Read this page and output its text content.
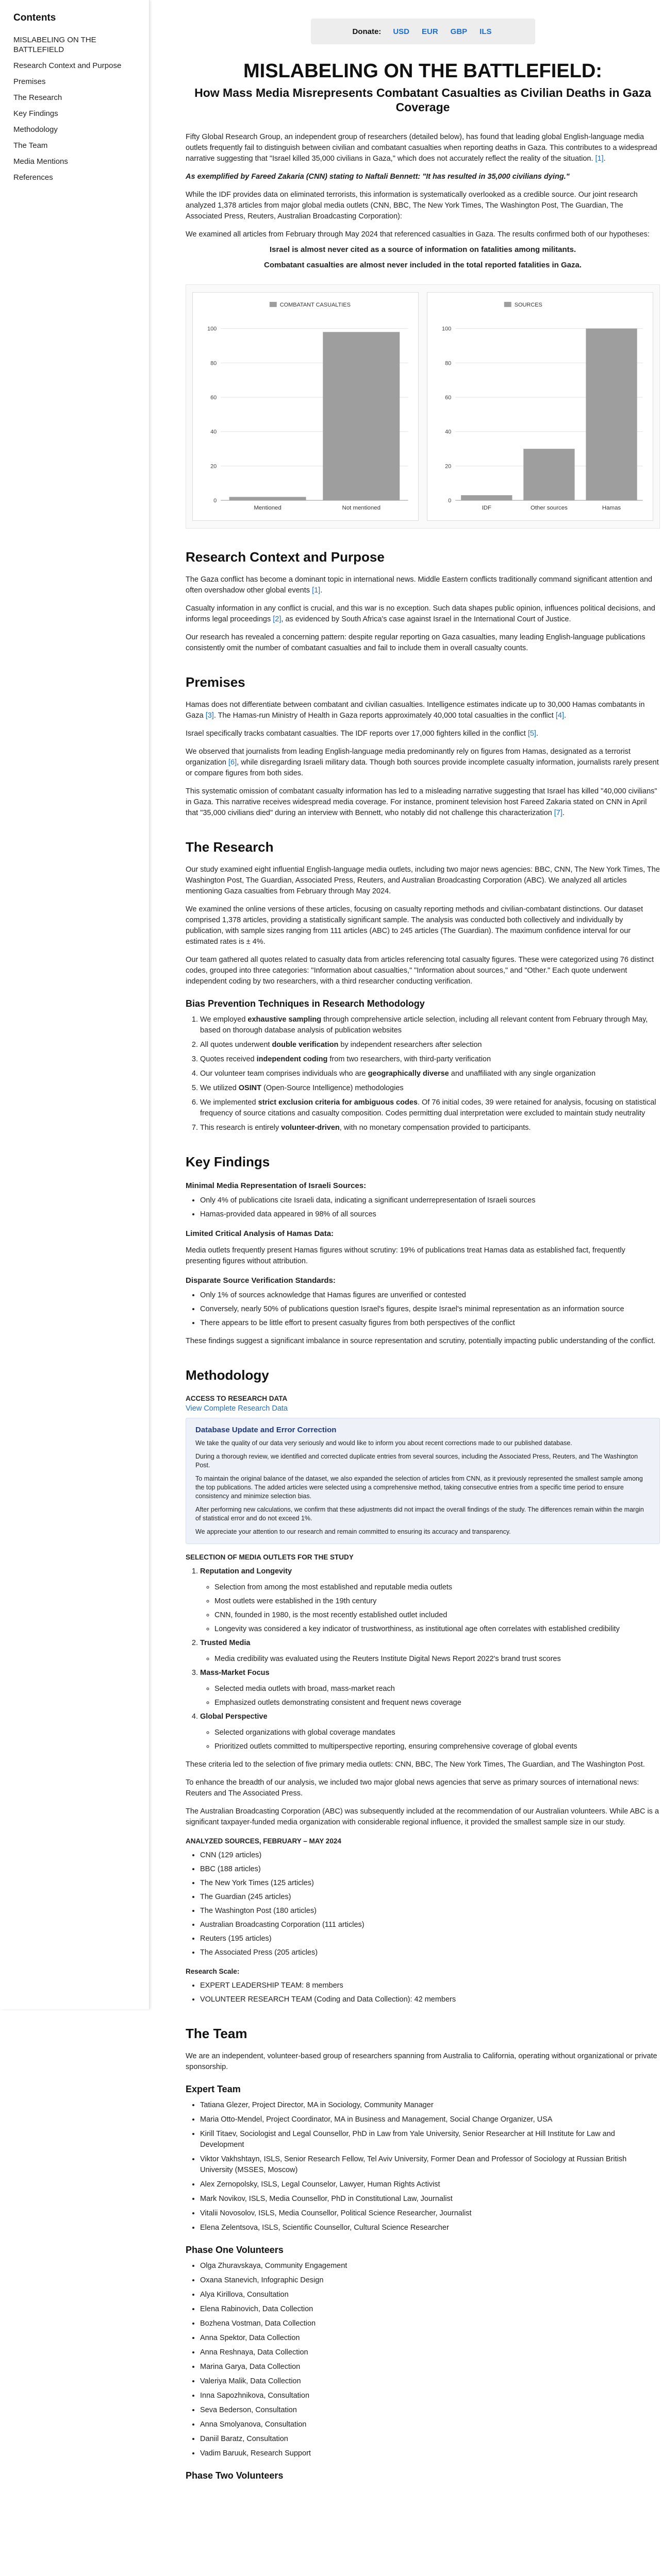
Contents
MISLABELING ON THE BATTLEFIELD
Research Context and Purpose
Premises
The Research
Key Findings
Methodology
The Team
Media Mentions
References
Donate: USD EUR GBP ILS
MISLABELING ON THE BATTLEFIELD:
How Mass Media Misrepresents Combatant Casualties as Civilian Deaths in Gaza Coverage

Fifty Global Research Group, an independent group of researchers (detailed below), has found that leading global English-language media outlets frequently fail to distinguish between civilian and combatant casualties when reporting deaths in Gaza. This contributes to a widespread narrative suggesting that "Israel killed 35,000 civilians in Gaza," which does not accurately reflect the reality of the situation. [1].

As exemplified by Fareed Zakaria (CNN) stating to Naftali Bennett: "It has resulted in 35,000 civilians dying."

While the IDF provides data on eliminated terrorists, this information is systematically overlooked as a credible source. Our joint research analyzed 1,378 articles from major global media outlets (CNN, BBC, The New York Times, The Washington Post, The Guardian, The Associated Press, Reuters, Australian Broadcasting Corporation):

We examined all articles from February through May 2024 that referenced casualties in Gaza. The results confirmed both of our hypotheses:

Israel is almost never cited as a source of information on fatalities among militants.
Combatant casualties are almost never included in the total reported fatalities in Gaza.
COMBATANT CASUALTIES
0
20
40
60
80
100
Mentioned	Not mentioned
SOURCES
0
20
40
60
80
100
IDF	Other sources	Hamas
Research Context and Purpose

The Gaza conflict has become a dominant topic in international news. Middle Eastern conflicts traditionally command significant attention and often overshadow other global events [1].

Casualty information in any conflict is crucial, and this war is no exception. Such data shapes public opinion, influences political decisions, and informs legal proceedings [2], as evidenced by South Africa's case against Israel in the International Court of Justice.

Our research has revealed a concerning pattern: despite regular reporting on Gaza casualties, many leading English-language publications consistently omit the number of combatant casualties and fail to include them in overall casualty counts.

Premises

Hamas does not differentiate between combatant and civilian casualties. Intelligence estimates indicate up to 30,000 Hamas combatants in Gaza [3]. The Hamas-run Ministry of Health in Gaza reports approximately 40,000 total casualties in the conflict [4].

Israel specifically tracks combatant casualties. The IDF reports over 17,000 fighters killed in the conflict [5].

We observed that journalists from leading English-language media predominantly rely on figures from Hamas, designated as a terrorist organization [6], while disregarding Israeli military data. Though both sources provide incomplete casualty information, journalists rarely present or compare figures from both sides.

This systematic omission of combatant casualty information has led to a misleading narrative suggesting that Israel has killed "40,000 civilians" in Gaza. This narrative receives widespread media coverage. For instance, prominent television host Fareed Zakaria stated on CNN in April that "35,000 civilians died" during an interview with Bennett, who notably did not challenge this characterization [7].

The Research

Our study examined eight influential English-language media outlets, including two major news agencies: BBC, CNN, The New York Times, The Washington Post, The Guardian, Associated Press, Reuters, and Australian Broadcasting Corporation (ABC). We analyzed all articles mentioning Gaza casualties from February through May 2024.

We examined the online versions of these articles, focusing on casualty reporting methods and civilian-combatant distinctions. Our dataset comprised 1,378 articles, providing a statistically significant sample. The analysis was conducted both collectively and individually by publication, with sample sizes ranging from 111 articles (ABC) to 245 articles (The Guardian). The maximum confidence interval for our estimated rates is ± 4%.

Our team gathered all quotes related to casualty data from articles referencing total casualty figures. These were categorized using 76 distinct codes, grouped into three categories: "Information about casualties," "Information about sources," and "Other." Each quote underwent independent coding by two researchers, with a third researcher conducting verification.

Bias Prevention Techniques in Research Methodology
1. We employed exhaustive sampling through comprehensive article selection, including all relevant content from February through May, based on thorough database analysis of publication websites
2. All quotes underwent double verification by independent researchers after selection
3. Quotes received independent coding from two researchers, with third-party verification
4. Our volunteer team comprises individuals who are geographically diverse and unaffiliated with any single organization
5. We utilized OSINT (Open-Source Intelligence) methodologies
6. We implemented strict exclusion criteria for ambiguous codes. Of 76 initial codes, 39 were retained for analysis, focusing on statistical frequency of source citations and casualty composition. Codes permitting dual interpretation were excluded to maintain study neutrality
7. This research is entirely volunteer-driven, with no monetary compensation provided to participants.
Key Findings
Minimal Media Representation of Israeli Sources:
• Only 4% of publications cite Israeli data, indicating a significant underrepresentation of Israeli sources
• Hamas-provided data appeared in 98% of all sources
Limited Critical Analysis of Hamas Data:

Media outlets frequently present Hamas figures without scrutiny: 19% of publications treat Hamas data as established fact, frequently presenting figures without attribution.

Disparate Source Verification Standards:
• Only 1% of sources acknowledge that Hamas figures are unverified or contested
• Conversely, nearly 50% of publications question Israel's figures, despite Israel's minimal representation as an information source
• There appears to be little effort to present casualty figures from both perspectives of the conflict

These findings suggest a significant imbalance in source representation and scrutiny, potentially impacting public understanding of the conflict.

Methodology
ACCESS TO RESEARCH DATA
View Complete Research Data
Database Update and Error Correction

We take the quality of our data very seriously and would like to inform you about recent corrections made to our published database.

During a thorough review, we identified and corrected duplicate entries from several sources, including the Associated Press, Reuters, and The Washington Post.

To maintain the original balance of the dataset, we also expanded the selection of articles from CNN, as it previously represented the smallest sample among the top publications. The added articles were selected using a comprehensive method, taking consecutive entries from a specific time period to ensure consistency and minimize selection bias.

After performing new calculations, we confirm that these adjustments did not impact the overall findings of the study. The differences remain within the margin of statistical error and do not exceed 1%.

We appreciate your attention to our research and remain committed to ensuring its accuracy and transparency.

SELECTION OF MEDIA OUTLETS FOR THE STUDY
1. Reputation and Longevity
◦ Selection from among the most established and reputable media outlets
◦ Most outlets were established in the 19th century
◦ CNN, founded in 1980, is the most recently established outlet included
◦ Longevity was considered a key indicator of trustworthiness, as institutional age often correlates with established credibility
2. Trusted Media
◦ Media credibility was evaluated using the Reuters Institute Digital News Report 2022's brand trust scores
3. Mass-Market Focus
◦ Selected media outlets with broad, mass-market reach
◦ Emphasized outlets demonstrating consistent and frequent news coverage
4. Global Perspective
◦ Selected organizations with global coverage mandates
◦ Prioritized outlets committed to multiperspective reporting, ensuring comprehensive coverage of global events

These criteria led to the selection of five primary media outlets: CNN, BBC, The New York Times, The Guardian, and The Washington Post.

To enhance the breadth of our analysis, we included two major global news agencies that serve as primary sources of international news: Reuters and The Associated Press.

The Australian Broadcasting Corporation (ABC) was subsequently included at the recommendation of our Australian volunteers. While ABC is a significant taxpayer-funded media organization with considerable regional influence, it provided the smallest sample size in our study.

ANALYZED SOURCES, FEBRUARY – MAY 2024
• CNN (129 articles)
• BBC (188 articles)
• The New York Times (125 articles)
• The Guardian (245 articles)
• The Washington Post (180 articles)
• Australian Broadcasting Corporation (111 articles)
• Reuters (195 articles)
• The Associated Press (205 articles)
Research Scale:
• EXPERT LEADERSHIP TEAM: 8 members
• VOLUNTEER RESEARCH TEAM (Coding and Data Collection): 42 members
The Team

We are an independent, volunteer-based group of researchers spanning from Australia to California, operating without organizational or private sponsorship.

Expert Team
• Tatiana Glezer, Project Director, MA in Sociology, Community Manager
• Maria Otto-Mendel, Project Coordinator, MA in Business and Management, Social Change Organizer, USA
• Kirill Titaev, Sociologist and Legal Counsellor, PhD in Law from Yale University, Senior Researcher at Hill Institute for Law and Development
• Viktor Vakhshtayn, ISLS, Senior Research Fellow, Tel Aviv University, Former Dean and Professor of Sociology at Russian British University (MSSES, Moscow)
• Alex Zernopolsky, ISLS, Legal Counselor, Lawyer, Human Rights Activist
• Mark Novikov, ISLS, Media Counsellor, PhD in Constitutional Law, Journalist
• Vitalii Novosolov, ISLS, Media Counsellor, Political Science Researcher, Journalist
• Elena Zelentsova, ISLS, Scientific Counsellor, Cultural Science Researcher
Phase One Volunteers
• Olga Zhuravskaya, Community Engagement
• Oxana Stanevich, Infographic Design
• Alya Kirillova, Consultation
• Elena Rabinovich, Data Collection
• Bozhena Vostman, Data Collection
• Anna Spektor, Data Collection
• Anna Reshnaya, Data Collection
• Marina Garya, Data Collection
• Valeriya Malik, Data Collection
• Inna Sapozhnikova, Consultation
• Seva Bederson, Consultation
• Anna Smolyanova, Consultation
• Daniil Baratz, Consultation
• Vadim Baruuk, Research Support
Phase Two Volunteers
